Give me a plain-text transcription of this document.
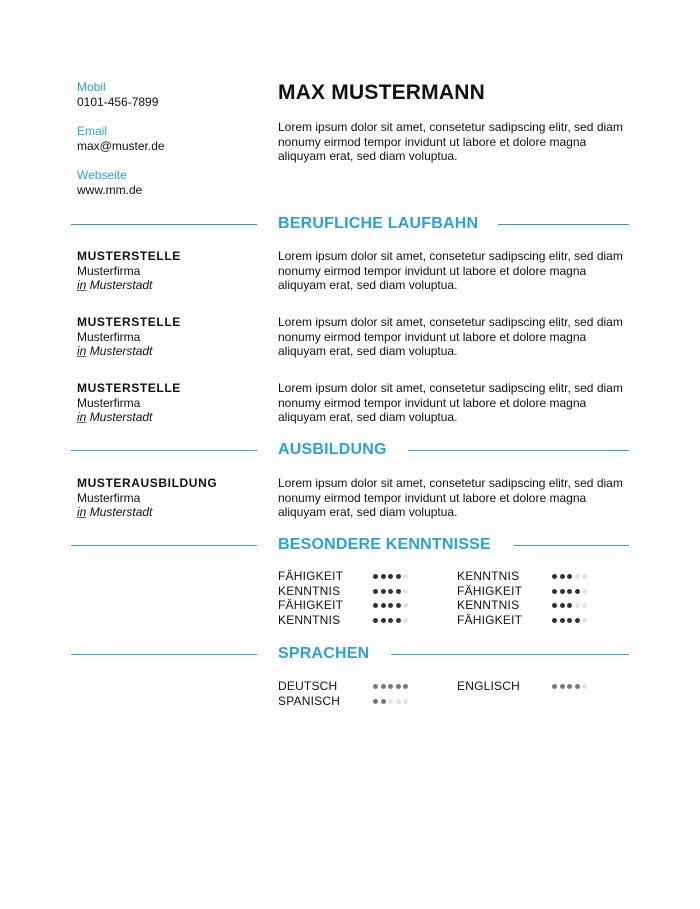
Mobil
0101-456-7899
Email
max@muster.de
Webseite
www.mm.de
MAX MUSTERMANN
Lorem ipsum dolor sit amet, consetetur sadipscing elitr, sed diam nonumy eirmod tempor invidunt ut labore et dolore magna aliquyam erat, sed diam voluptua.
BERUFLICHE LAUFBAHN
MUSTERSTELLE
Musterfirma
in Musterstadt
Lorem ipsum dolor sit amet, consetetur sadipscing elitr, sed diam nonumy eirmod tempor invidunt ut labore et dolore magna aliquyam erat, sed diam voluptua.
MUSTERSTELLE
Musterfirma
in Musterstadt
Lorem ipsum dolor sit amet, consetetur sadipscing elitr, sed diam nonumy eirmod tempor invidunt ut labore et dolore magna aliquyam erat, sed diam voluptua.
MUSTERSTELLE
Musterfirma
in Musterstadt
Lorem ipsum dolor sit amet, consetetur sadipscing elitr, sed diam nonumy eirmod tempor invidunt ut labore et dolore magna aliquyam erat, sed diam voluptua.
AUSBILDUNG
MUSTERAUSBILDUNG
Musterfirma
in Musterstadt
Lorem ipsum dolor sit amet, consetetur sadipscing elitr, sed diam nonumy eirmod tempor invidunt ut labore et dolore magna aliquyam erat, sed diam voluptua.
BESONDERE KENNTNISSE
FÄHIGKEIT	KENNTNIS
KENNTNIS	FÄHIGKEIT
FÄHIGKEIT	KENNTNIS
KENNTNIS	FÄHIGKEIT
SPRACHEN
DEUTSCH	ENGLISCH
SPANISCH
